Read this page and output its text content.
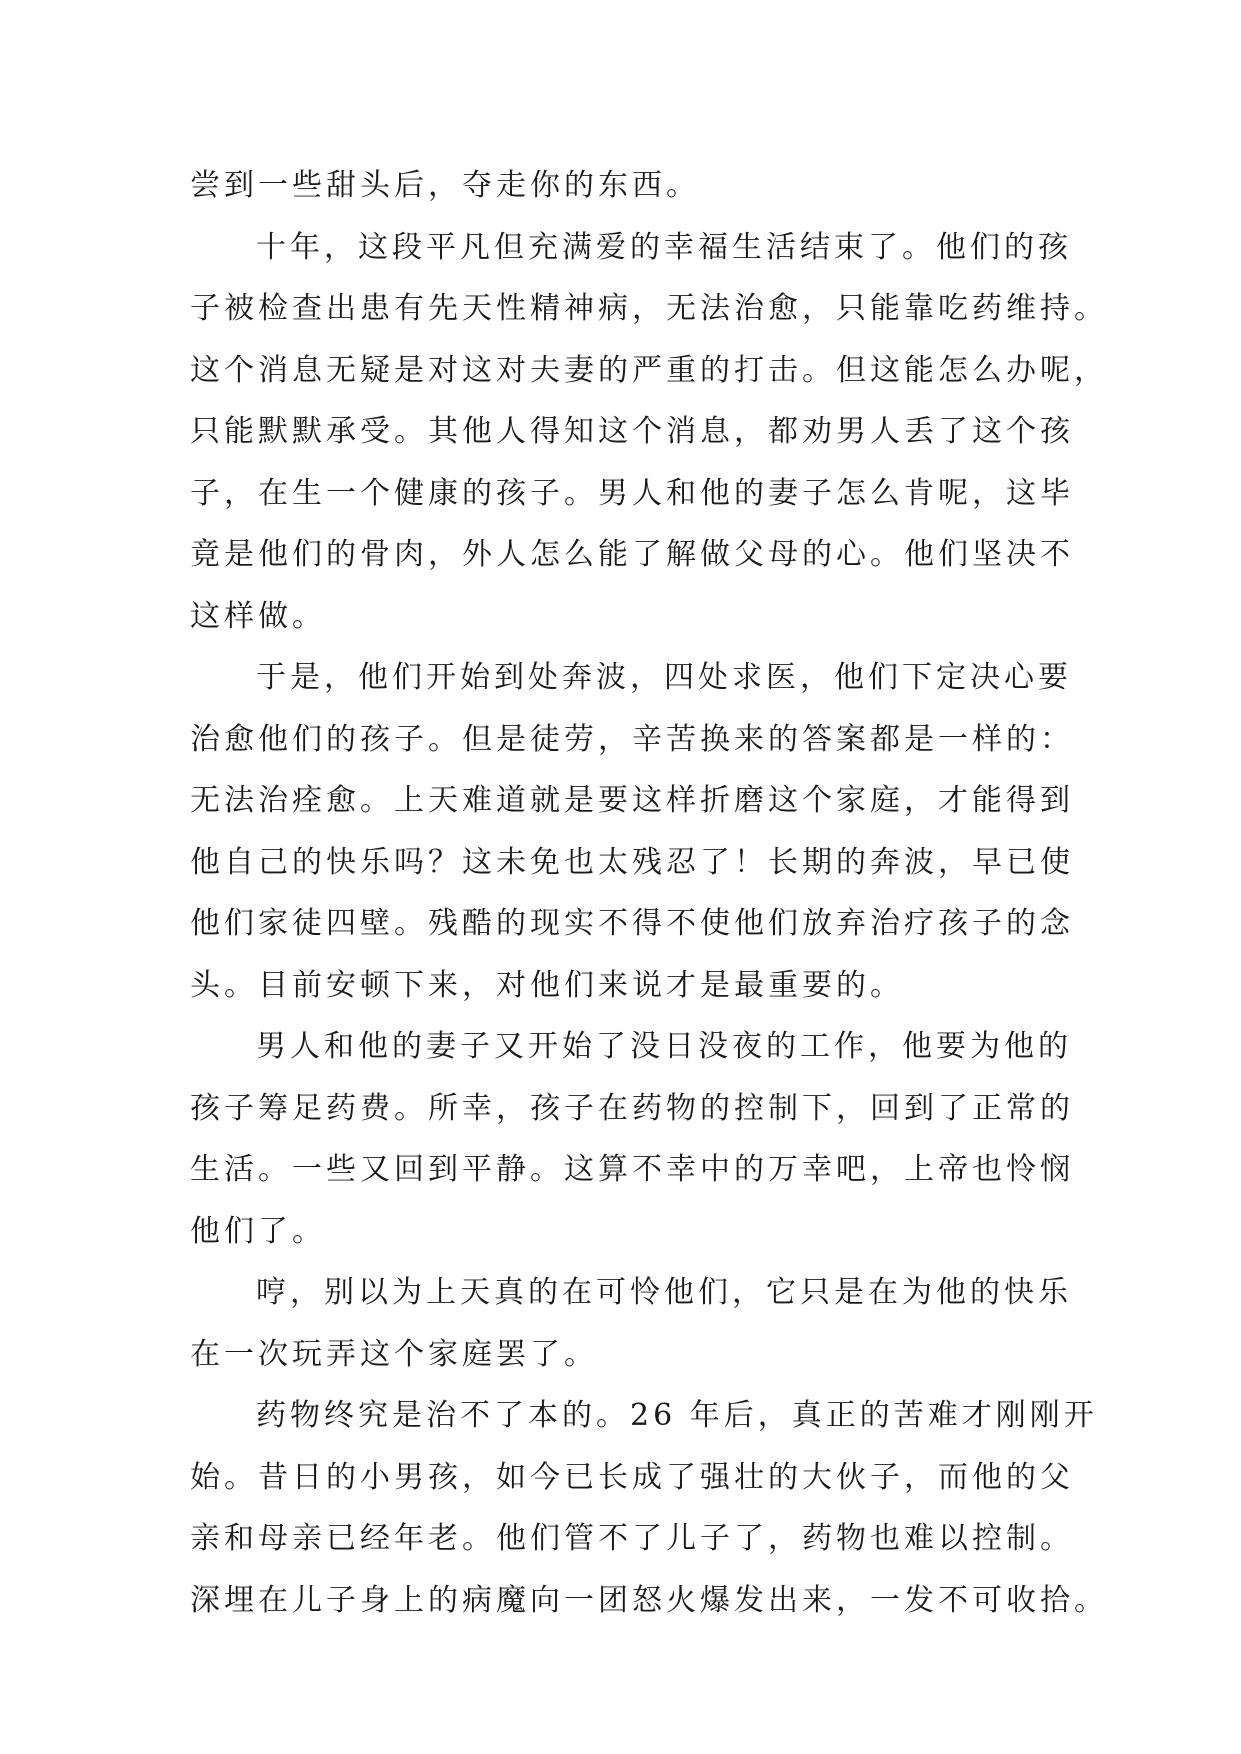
尝到一些甜头后，夺走你的东西。
十年，这段平凡但充满爱的幸福生活结束了。他们的孩
子被检查出患有先天性精神病，无法治愈，只能靠吃药维持。
这个消息无疑是对这对夫妻的严重的打击。但这能怎么办呢，
只能默默承受。其他人得知这个消息，都劝男人丢了这个孩
子，在生一个健康的孩子。男人和他的妻子怎么肯呢，这毕
竟是他们的骨肉，外人怎么能了解做父母的心。他们坚决不
这样做。
于是，他们开始到处奔波，四处求医，他们下定决心要
治愈他们的孩子。但是徒劳，辛苦换来的答案都是一样的：
无法治痊愈。上天难道就是要这样折磨这个家庭，才能得到
他自己的快乐吗？这未免也太残忍了！长期的奔波，早已使
他们家徒四壁。残酷的现实不得不使他们放弃治疗孩子的念
头。目前安顿下来，对他们来说才是最重要的。
男人和他的妻子又开始了没日没夜的工作，他要为他的
孩子筹足药费。所幸，孩子在药物的控制下，回到了正常的
生活。一些又回到平静。这算不幸中的万幸吧，上帝也怜悯
他们了。
哼，别以为上天真的在可怜他们，它只是在为他的快乐
在一次玩弄这个家庭罢了。
药物终究是治不了本的。26 年后，真正的苦难才刚刚开
始。昔日的小男孩，如今已长成了强壮的大伙子，而他的父
亲和母亲已经年老。他们管不了儿子了，药物也难以控制。
深埋在儿子身上的病魔向一团怒火爆发出来，一发不可收拾。
